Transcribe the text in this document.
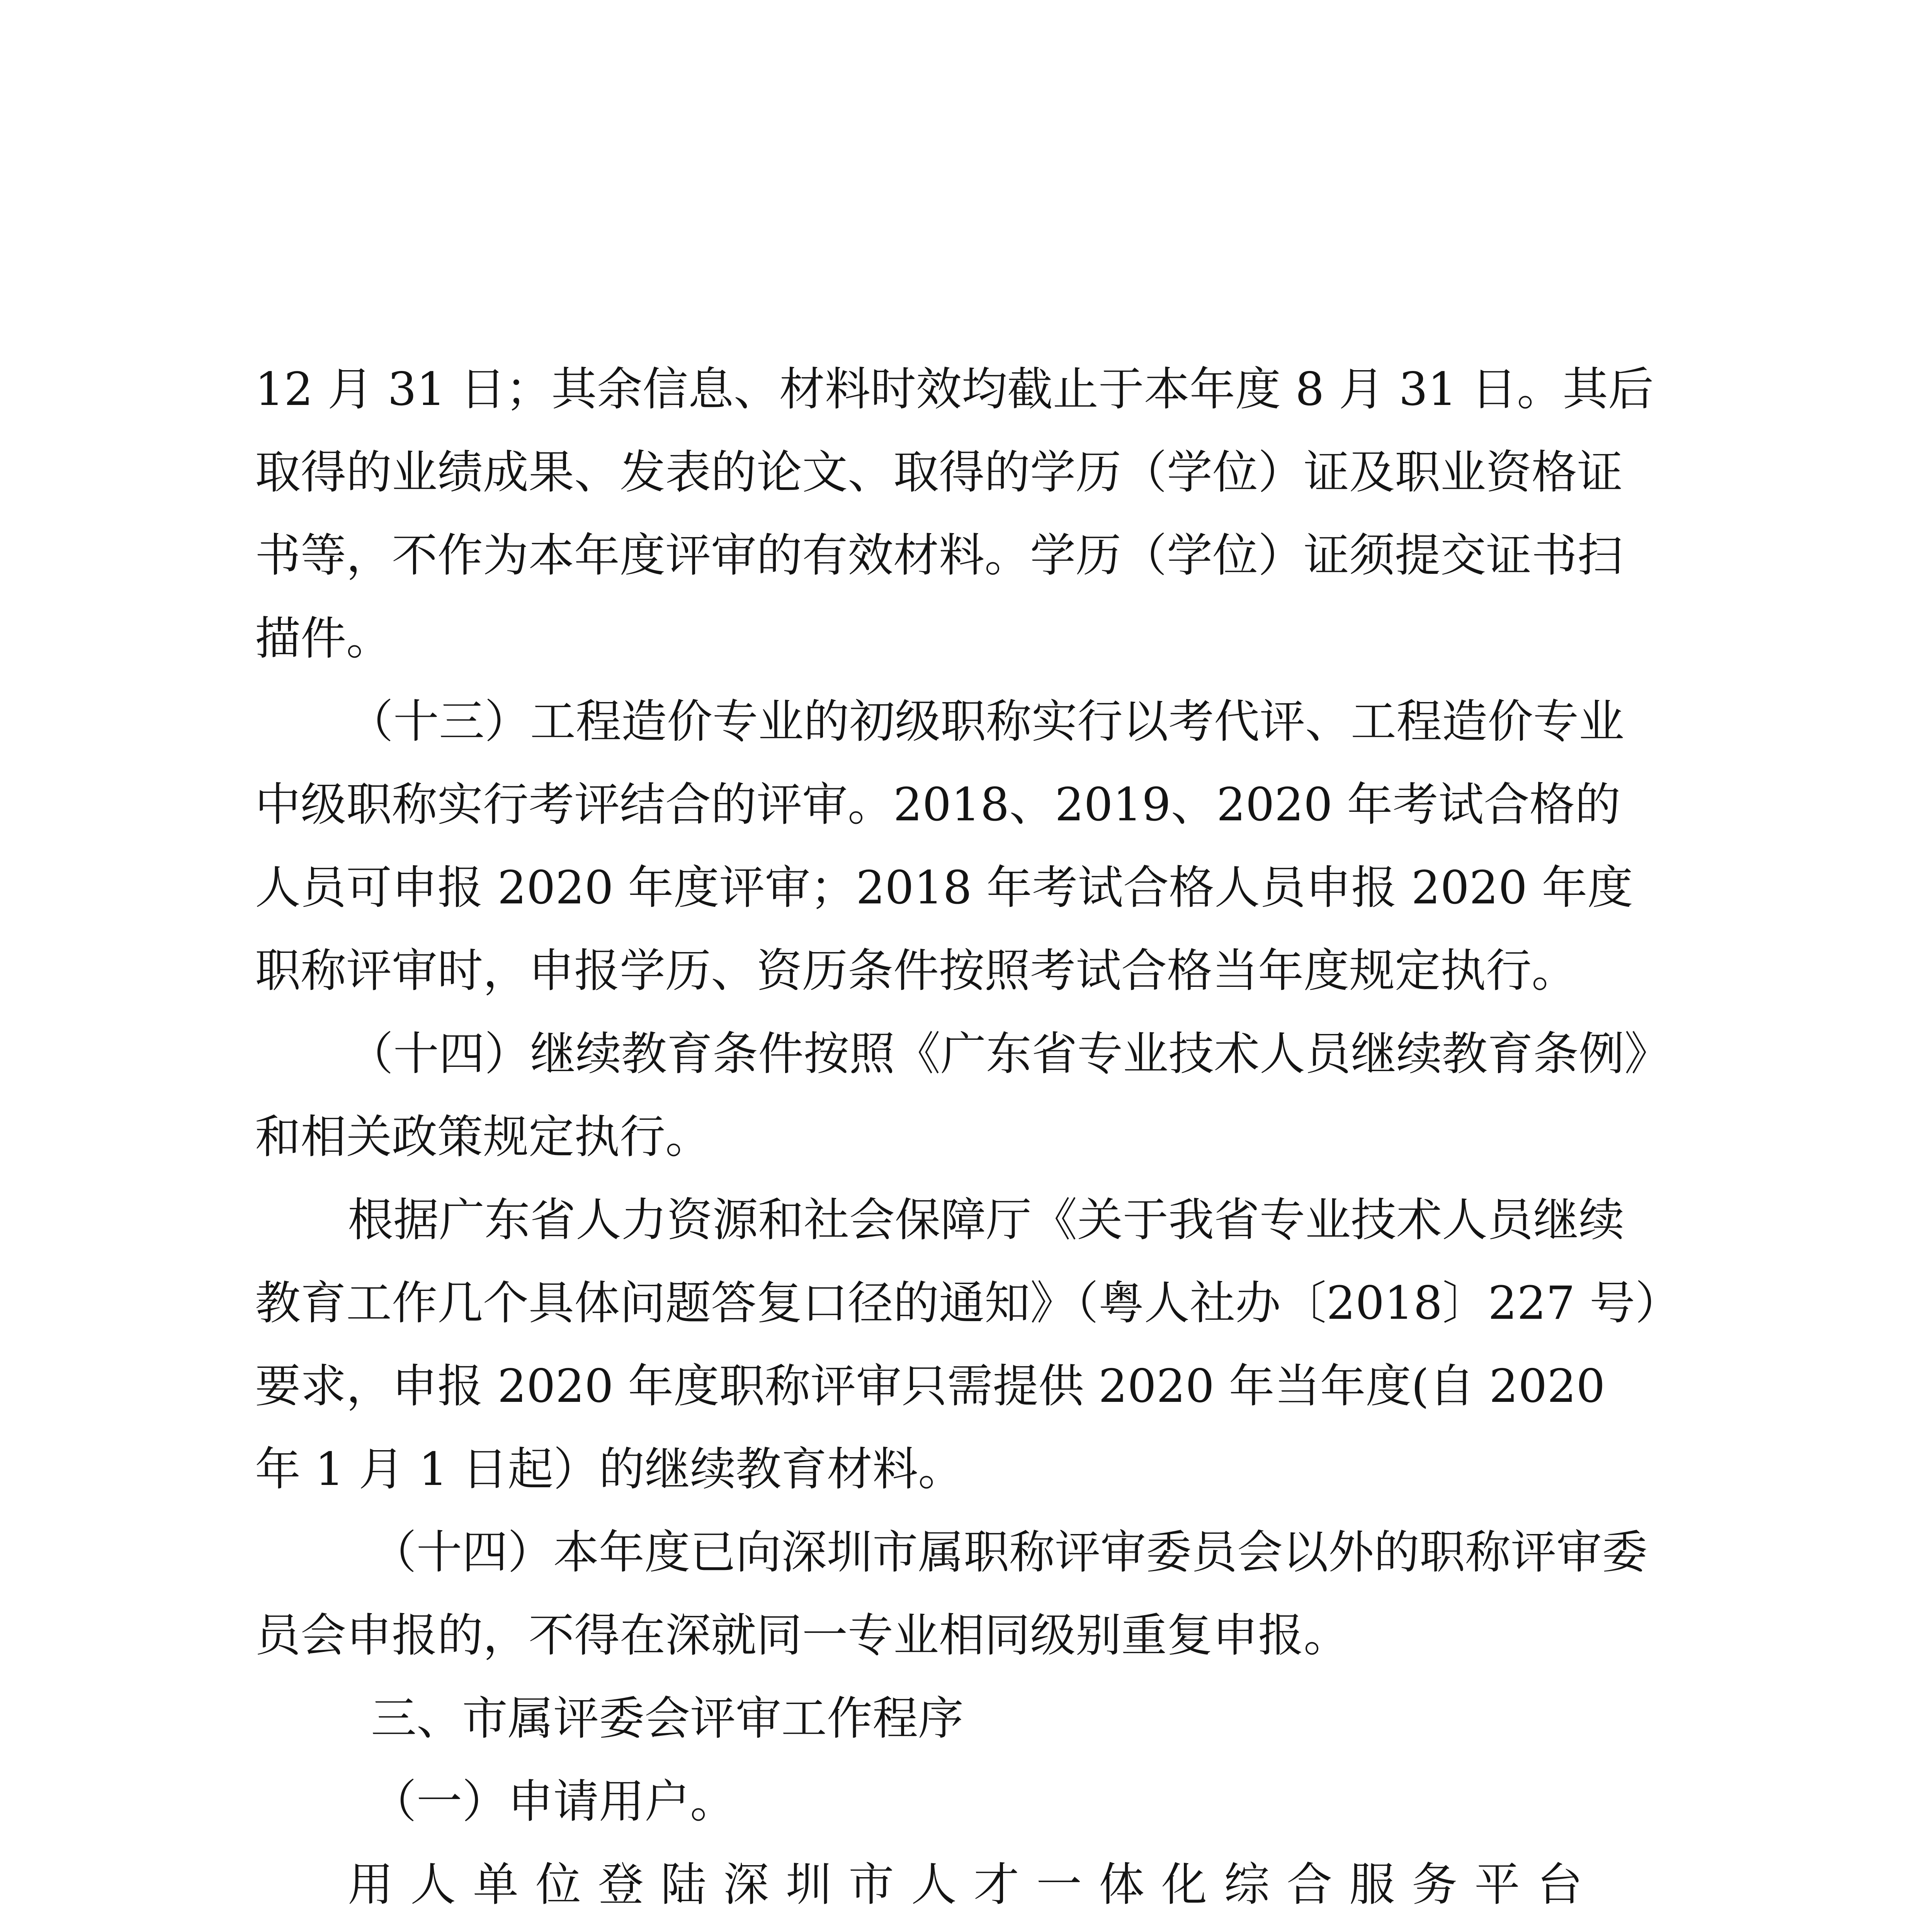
12 月 31 日；其余信息、材料时效均截止于本年度 8 月 31 日。其后取得的业绩成果、发表的论文、取得的学历（学位）证及职业资格证书等，不作为本年度评审的有效材料。学历（学位）证须提交证书扫描件。

（十三）工程造价专业的初级职称实行以考代评、工程造价专业中级职称实行考评结合的评审。2018、2019、2020 年考试合格的人员可申报 2020 年度评审；2018 年考试合格人员申报 2020 年度职称评审时，申报学历、资历条件按照考试合格当年度规定执行。

（十四）继续教育条件按照《广东省专业技术人员继续教育条例》和相关政策规定执行。

根据广东省人力资源和社会保障厅《关于我省专业技术人员继续教育工作几个具体问题答复口径的通知》（粤人社办〔2018〕227 号）要求，申报 2020 年度职称评审只需提供 2020 年当年度(自 2020 年 1 月 1 日起）的继续教育材料。

（十四）本年度已向深圳市属职称评审委员会以外的职称评审委员会申报的，不得在深就同一专业相同级别重复申报。

三、市属评委会评审工作程序

（一）申请用户。

用人单位登陆深圳市人才一体化综合服务平台
